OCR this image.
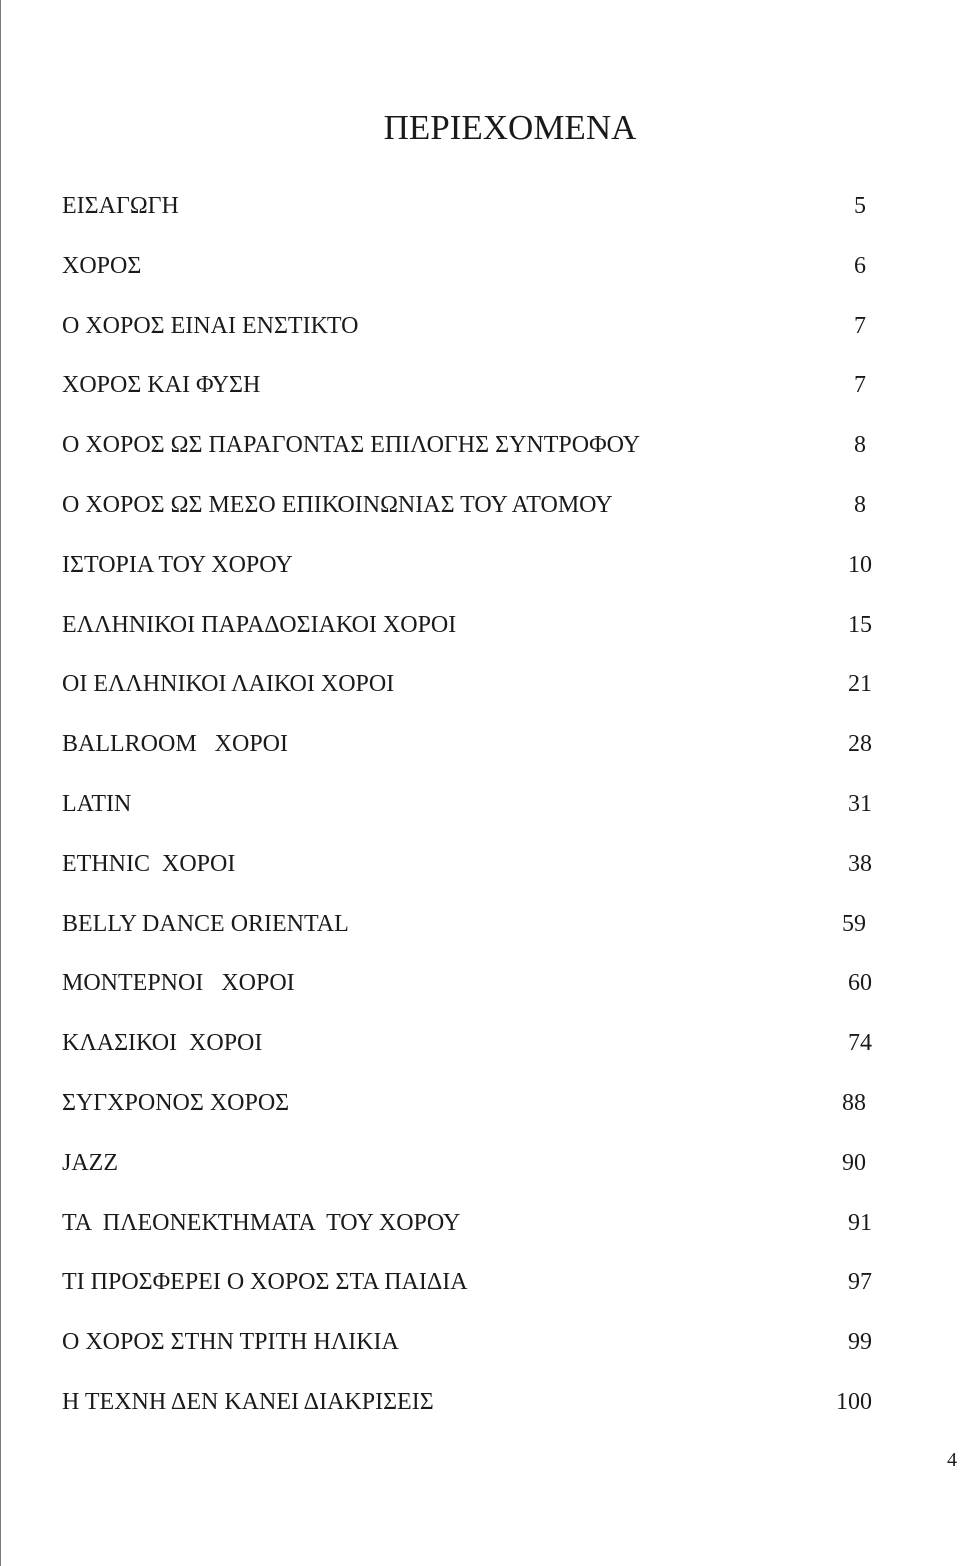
ΠΕΡΙΕΧΟΜΕΝΑ
ΕΙΣΑΓΩΓΗ	5
ΧΟΡΟΣ	6
Ο ΧΟΡΟΣ ΕΙΝΑΙ ΕΝΣΤΙΚΤΟ	7
ΧΟΡΟΣ ΚΑΙ ΦΥΣΗ	7
Ο ΧΟΡΟΣ ΩΣ ΠΑΡΑΓΟΝΤΑΣ ΕΠΙΛΟΓΗΣ ΣΥΝΤΡΟΦΟΥ	8
Ο ΧΟΡΟΣ ΩΣ ΜΕΣΟ ΕΠΙΚΟΙΝΩΝΙΑΣ ΤΟΥ ΑΤΟΜΟΥ	8
ΙΣΤΟΡΙΑ ΤΟΥ ΧΟΡΟΥ	10
ΕΛΛΗΝΙΚΟΙ ΠΑΡΑΔΟΣΙΑΚΟΙ ΧΟΡΟΙ	15
ΟΙ ΕΛΛΗΝΙΚΟΙ ΛΑΙΚΟΙ ΧΟΡΟΙ	21
BALLROOM   ΧΟΡΟΙ	28
LATIN	31
ETHNIC  ΧΟΡΟΙ	38
BELLY DANCE ORIENTAL	59
ΜΟΝΤΕΡΝΟΙ   ΧΟΡΟΙ	60
ΚΛΑΣΙΚΟΙ  ΧΟΡΟΙ	74
ΣΥΓΧΡΟΝΟΣ ΧΟΡΟΣ	88
JAZZ	90
ΤΑ  ΠΛΕΟΝΕΚΤΗΜΑΤΑ  ΤΟΥ ΧΟΡΟΥ	91
ΤΙ ΠΡΟΣΦΕΡΕΙ Ο ΧΟΡΟΣ ΣΤΑ ΠΑΙΔΙΑ	97
Ο ΧΟΡΟΣ ΣΤΗΝ ΤΡΙΤΗ ΗΛΙΚΙΑ	99
Η ΤΕΧΝΗ ΔΕΝ ΚΑΝΕΙ ΔΙΑΚΡΙΣΕΙΣ	100
4
